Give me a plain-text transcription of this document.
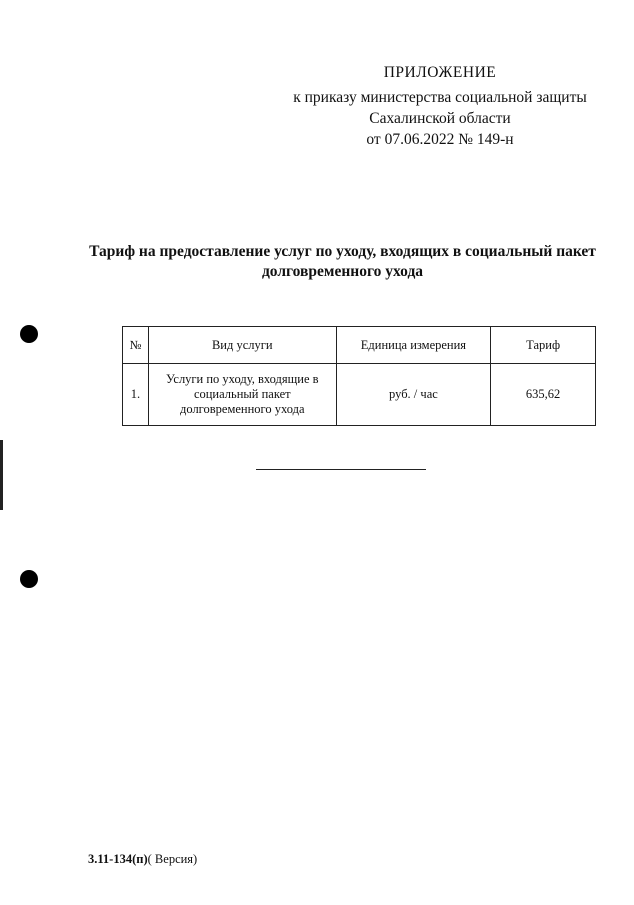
ПРИЛОЖЕНИЕ
к приказу министерства социальной защиты
Сахалинской области
от 07.06.2022 № 149-н
Тариф на предоставление услуг по уходу, входящих в социальный пакет
долговременного ухода
№	Вид услуги	Единица измерения	Тариф
1.	Услуги по уходу, входящие в
социальный пакет
долговременного ухода	руб. / час	635,62
3.11-134(п)( Версия)
